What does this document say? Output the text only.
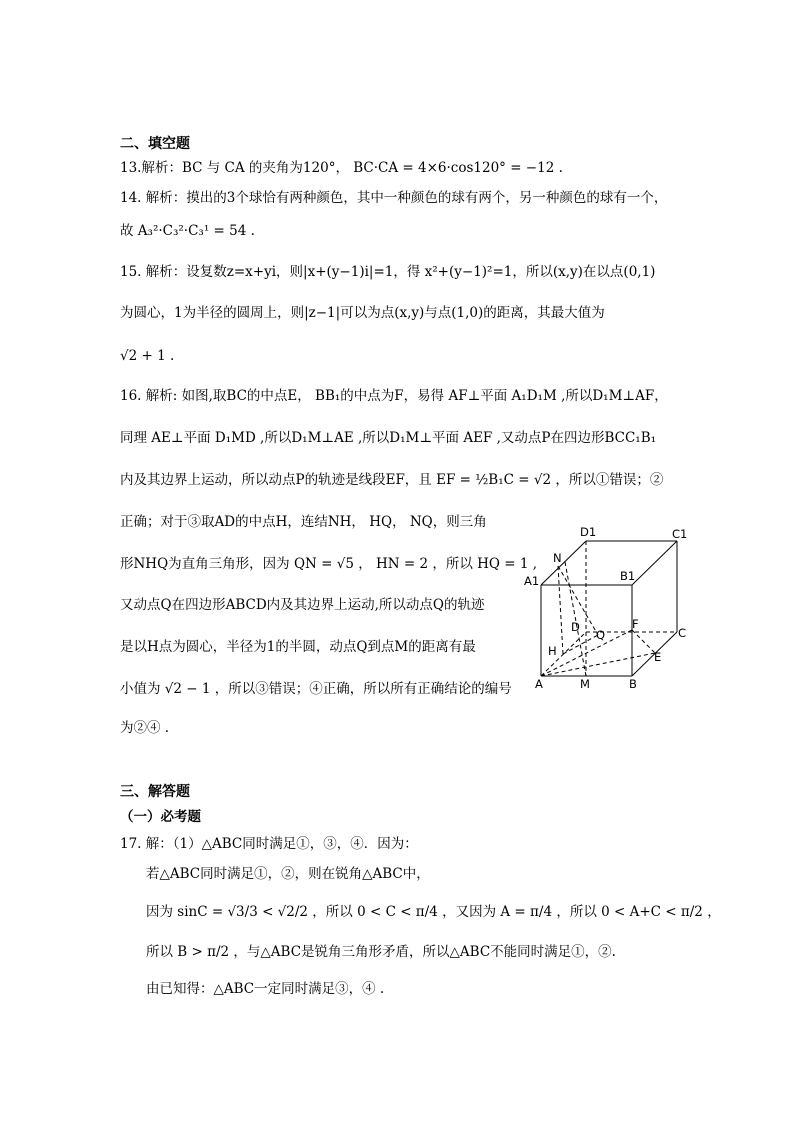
二、填空题
13.解析：BC 与 CA 的夹角为120°， BC·CA = 4×6·cos120° = −12 .
14. 解析：摸出的3个球恰有两种颜色，其中一种颜色的球有两个，另一种颜色的球有一个，
故 A₃²·C₃²·C₃¹ = 54 .
15. 解析：设复数z=x+yi，则|x+(y−1)i|=1，得 x²+(y−1)²=1，所以(x,y)在以点(0,1)
为圆心，1为半径的圆周上，则|z−1|可以为点(x,y)与点(1,0)的距离，其最大值为
√2 + 1 .
16. 解析: 如图,取BC的中点E， BB₁的中点为F，易得 AF⊥平面 A₁D₁M ,所以D₁M⊥AF，
同理 AE⊥平面 D₁MD ,所以D₁M⊥AE ,所以D₁M⊥平面 AEF ,又动点P在四边形BCC₁B₁
内及其边界上运动，所以动点P的轨迹是线段EF，且 EF = ½B₁C = √2 ，所以①错误；②
正确；对于③取AD的中点H，连结NH， HQ， NQ，则三角
形NHQ为直角三角形，因为 QN = √5 ， HN = 2 ，所以 HQ = 1 ,
又动点Q在四边形ABCD内及其边界上运动,所以动点Q的轨迹
是以H点为圆心，半径为1的半圆，动点Q到点M的距离有最
小值为 √2 − 1 ，所以③错误；④正确，所以所有正确结论的编号
为②④ .
D1	C1
N
A1	B1
D
Q
F
C
H	E
A	M	B
三、解答题
（一）必考题
17. 解：（1）△ABC同时满足①，③，④．因为：
若△ABC同时满足①，②，则在锐角△ABC中，
因为 sinC = √3/3 < √2/2 ，所以 0 < C < π/4 ，又因为 A = π/4 ，所以 0 < A+C < π/2 ，
所以 B > π/2 ，与△ABC是锐角三角形矛盾，所以△ABC不能同时满足①，②.
由已知得：△ABC一定同时满足③，④ .
